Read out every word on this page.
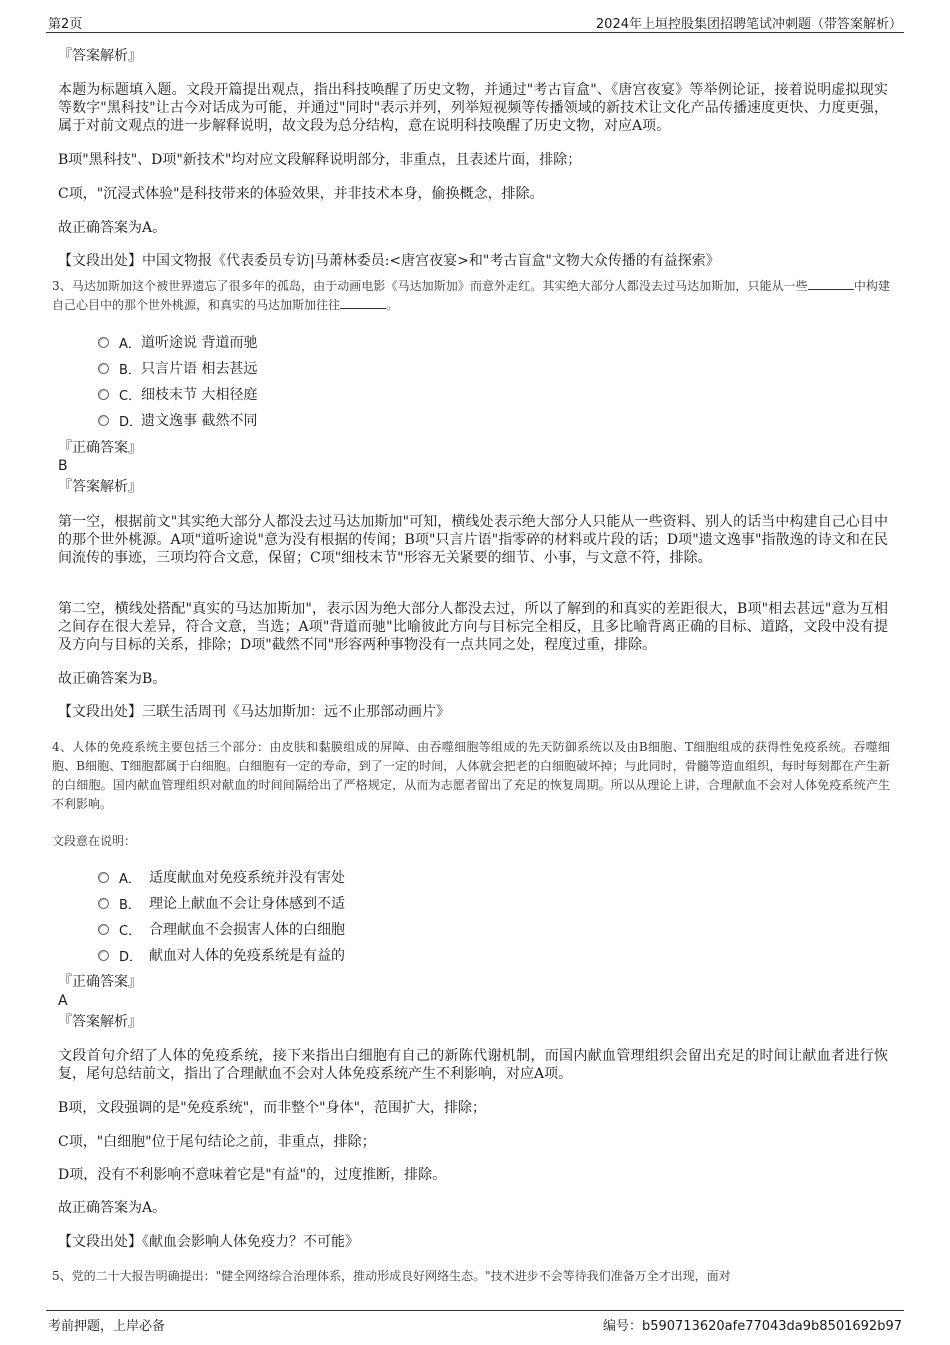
第2页	2024年上垣控股集团招聘笔试冲刺题（带答案解析）
『答案解析』

本题为标题填入题。文段开篇提出观点，指出科技唤醒了历史文物，并通过"考古盲盒"、《唐宫夜宴》等举例论证，接着说明虚拟现实等数字"黑科技"让古今对话成为可能，并通过"同时"表示并列，列举短视频等传播领域的新技术让文化产品传播速度更快、力度更强，属于对前文观点的进一步解释说明，故文段为总分结构，意在说明科技唤醒了历史文物，对应A项。

B项"黑科技"、D项"新技术"均对应文段解释说明部分，非重点，且表述片面，排除；

C项，"沉浸式体验"是科技带来的体验效果，并非技术本身，偷换概念，排除。

故正确答案为A。

【文段出处】中国文物报《代表委员专访|马萧林委员:<唐宫夜宴>和"考古盲盒"文物大众传播的有益探索》

3、马达加斯加这个被世界遗忘了很多年的孤岛，由于动画电影《马达加斯加》而意外走红。其实绝大部分人都没去过马达加斯加，只能从一些	中构建自己心目中的那个世外桃源，和真实的马达加斯加往往	。

A． 道听途说 背道而驰
B． 只言片语 相去甚远
C． 细枝末节 大相径庭
D．
遗文逸事 截然不同
『正确答案』
B
『答案解析』

第一空，根据前文"其实绝大部分人都没去过马达加斯加"可知，横线处表示绝大部分人只能从一些资料、别人的话当中构建自己心目中的那个世外桃源。A项"道听途说"意为没有根据的传闻；B项"只言片语"指零碎的材料或片段的话；D项"遗文逸事"指散逸的诗文和在民间流传的事迹，三项均符合文意，保留；C项"细枝末节"形容无关紧要的细节、小事，与文意不符，排除。

第二空，横线处搭配"真实的马达加斯加"，表示因为绝大部分人都没去过，所以了解到的和真实的差距很大，B项"相去甚远"意为互相之间存在很大差异，符合文意，当选；A项"背道而驰"比喻彼此方向与目标完全相反，且多比喻背离正确的目标、道路，文段中没有提及方向与目标的关系，排除；D项"截然不同"形容两种事物没有一点共同之处，程度过重，排除。

故正确答案为B。

【文段出处】三联生活周刊《马达加斯加：远不止那部动画片》

4、人体的免疫系统主要包括三个部分：由皮肤和黏膜组成的屏障、由吞噬细胞等组成的先天防御系统以及由B细胞、T细胞组成的获得性免疫系统。吞噬细胞、B细胞、T细胞都属于白细胞。白细胞有一定的寿命，到了一定的时间，人体就会把老的白细胞破坏掉；与此同时，骨髓等造血组织，每时每刻都在产生新的白细胞。国内献血管理组织对献血的时间间隔给出了严格规定，从而为志愿者留出了充足的恢复周期。所以从理论上讲，合理献血不会对人体免疫系统产生不利影响。

文段意在说明：

A． 适度献血对免疫系统并没有害处
B． 理论上献血不会让身体感到不适
C． 合理献血不会损害人体的白细胞
D． 献血对人体的免疫系统是有益的
『正确答案』
A
『答案解析』

文段首句介绍了人体的免疫系统，接下来指出白细胞有自己的新陈代谢机制，而国内献血管理组织会留出充足的时间让献血者进行恢复，尾句总结前文，指出了合理献血不会对人体免疫系统产生不利影响，对应A项。

B项，文段强调的是"免疫系统"，而非整个"身体"，范围扩大，排除；

C项，"白细胞"位于尾句结论之前，非重点，排除；

D项，没有不利影响不意味着它是"有益"的，过度推断，排除。

故正确答案为A。

【文段出处】《献血会影响人体免疫力？不可能》

5、党的二十大报告明确提出："健全网络综合治理体系，推动形成良好网络生态。"技术进步不会等待我们准备万全才出现，面对

考前押题，上岸必备	编号：b590713620afe77043da9b8501692b97
